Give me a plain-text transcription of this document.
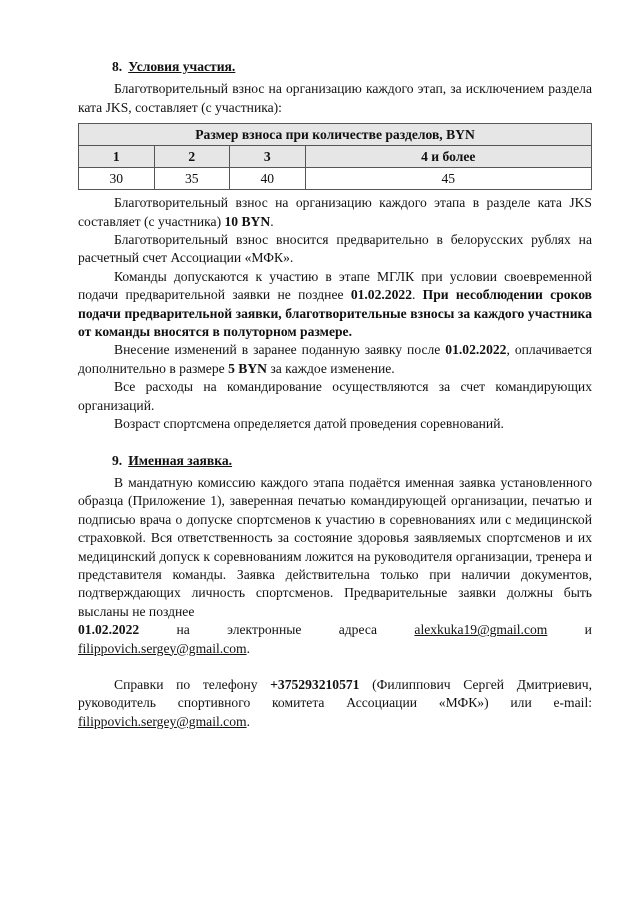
8. Условия участия.

Благотворительный взнос на организацию каждого этап, за исключением раздела ката JKS, составляет (с участника):

Размер взноса при количестве разделов, BYN			
1	2	3	4 и более
30	35	40	45

Благотворительный взнос на организацию каждого этапа в разделе ката JKS составляет (с участника) 10 BYN.

Благотворительный взнос вносится предварительно в белорусских рублях на расчетный счет Ассоциации «МФК».

Команды допускаются к участию в этапе МГЛК при условии своевременной подачи предварительной заявки не позднее 01.02.2022. При несоблюдении сроков подачи предварительной заявки, благотворительные взносы за каждого участника от команды вносятся в полуторном размере.

Внесение изменений в заранее поданную заявку после 01.02.2022, оплачивается дополнительно в размере 5 BYN за каждое изменение.

Все расходы на командирование осуществляются за счет командирующих организаций.

Возраст спортсмена определяется датой проведения соревнований.

9. Именная заявка.

В мандатную комиссию каждого этапа подаётся именная заявка установленного образца (Приложение 1), заверенная печатью командирующей организации, печатью и подписью врача о допуске спортсменов к участию в соревнованиях или с медицинской страховкой. Вся ответственность за состояние здоровья заявляемых спортсменов и их медицинский допуск к соревнованиям ложится на руководителя организации, тренера и представителя команды. Заявка действительна только при наличии документов, подтверждающих личность спортсменов. Предварительные заявки должны быть высланы не позднее

01.02.2022	на	электронные	адреса	alexkuka19@gmail.com	и

filippovich.sergey@gmail.com.

Справки по телефону +375293210571 (Филиппович Сергей Дмитриевич, руководитель спортивного комитета Ассоциации «МФК») или e-mail: filippovich.sergey@gmail.com.
